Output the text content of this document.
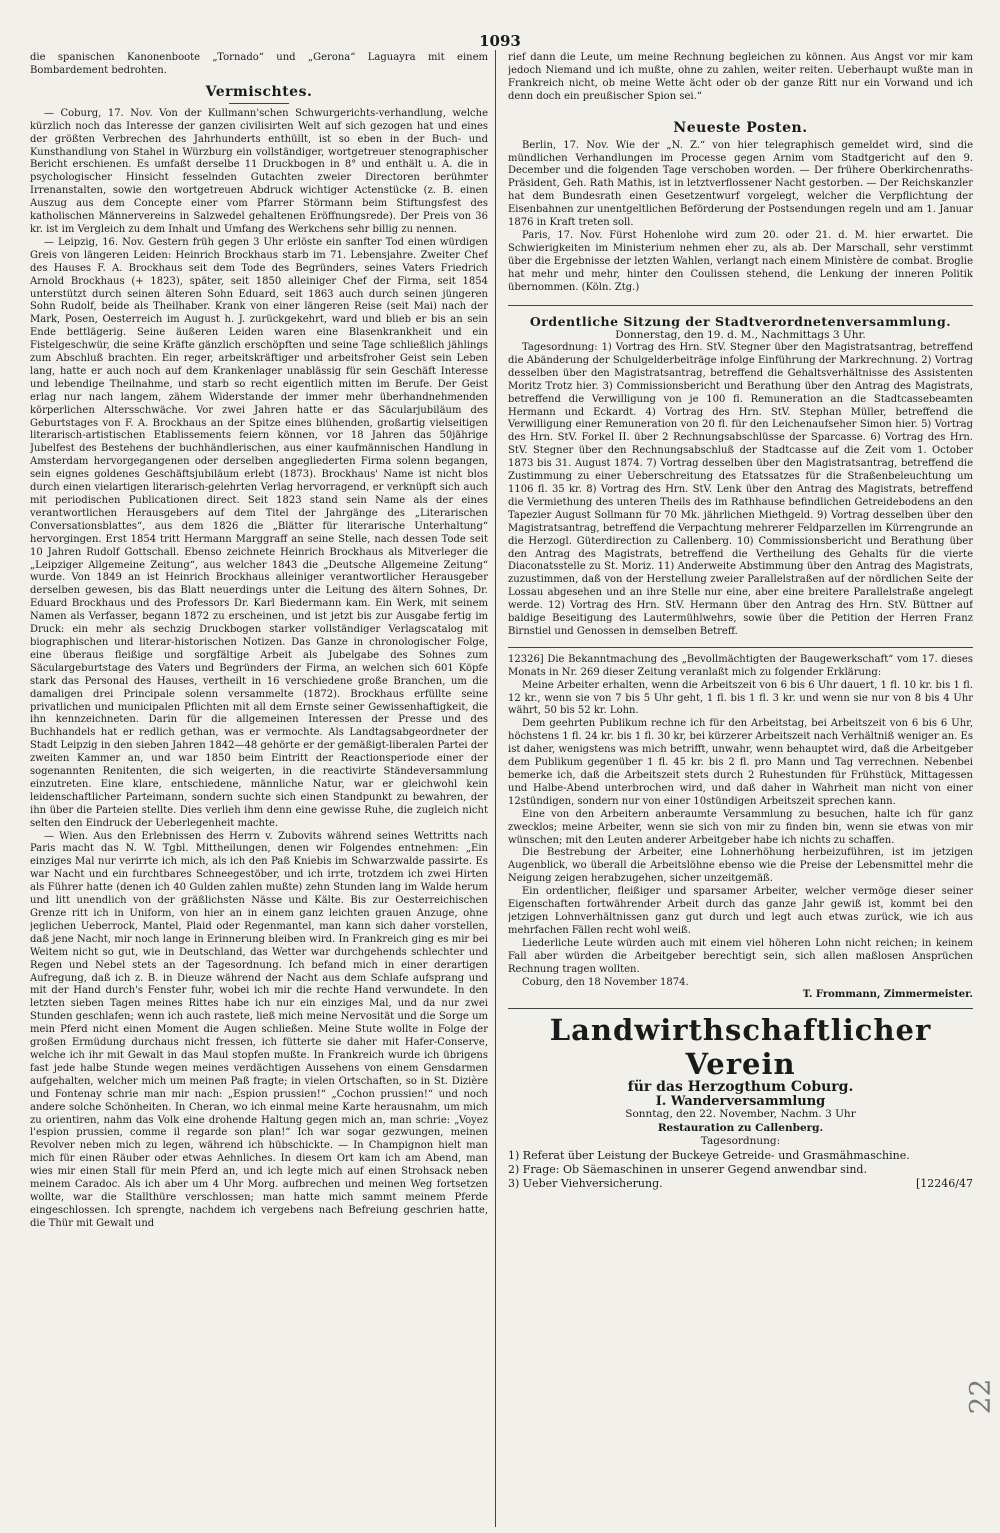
1093

die spanischen Kanonenboote „Tornado“ und „Gerona“ Laguayra mit einem Bombardement bedrohten.

Vermischtes.

— Coburg, 17. Nov. Von der Kullmann'schen Schwurgerichts-verhandlung, welche kürzlich noch das Interesse der ganzen civilisirten Welt auf sich gezogen hat und eines der größten Verbrechen des Jahrhunderts enthüllt, ist so eben in der Buch- und Kunsthandlung von Stahel in Würzburg ein vollständiger, wortgetreuer stenographischer Bericht erschienen. Es umfaßt derselbe 11 Druckbogen in 8° und enthält u. A. die in psychologischer Hinsicht fesselnden Gutachten zweier Directoren berühmter Irrenanstalten, sowie den wortgetreuen Abdruck wichtiger Actenstücke (z. B. einen Auszug aus dem Concepte einer vom Pfarrer Störmann beim Stiftungsfest des katholischen Männervereins in Salzwedel gehaltenen Eröffnungsrede). Der Preis von 36 kr. ist im Vergleich zu dem Inhalt und Umfang des Werkchens sehr billig zu nennen.

— Leipzig, 16. Nov. Gestern früh gegen 3 Uhr erlöste ein sanfter Tod einen würdigen Greis von längeren Leiden: Heinrich Brockhaus starb im 71. Lebensjahre. Zweiter Chef des Hauses F. A. Brockhaus seit dem Tode des Begründers, seines Vaters Friedrich Arnold Brockhaus (+ 1823), später, seit 1850 alleiniger Chef der Firma, seit 1854 unterstützt durch seinen älteren Sohn Eduard, seit 1863 auch durch seinen jüngeren Sohn Rudolf, beide als Theilhaber. Krank von einer längeren Reise (seit Mai) nach der Mark, Posen, Oesterreich im August h. J. zurückgekehrt, ward und blieb er bis an sein Ende bettlägerig. Seine äußeren Leiden waren eine Blasenkrankheit und ein Fistelgeschwür, die seine Kräfte gänzlich erschöpften und seine Tage schließlich jählings zum Abschluß brachten. Ein reger, arbeitskräftiger und arbeitsfroher Geist sein Leben lang, hatte er auch noch auf dem Krankenlager unablässig für sein Geschäft Interesse und lebendige Theilnahme, und starb so recht eigentlich mitten im Berufe. Der Geist erlag nur nach langem, zähem Widerstande der immer mehr überhandnehmenden körperlichen Altersschwäche. Vor zwei Jahren hatte er das Säcularjubiläum des Geburtstages von F. A. Brockhaus an der Spitze eines blühenden, großartig vielseitigen literarisch-artistischen Etablissements feiern können, vor 18 Jahren das 50jährige Jubelfest des Bestehens der buchhändlerischen, aus einer kaufmännischen Handlung in Amsterdam hervorgegangenen oder derselben angegliederten Firma solenn begangen, sein eignes goldenes Geschäftsjubiläum erlebt (1873). Brockhaus' Name ist nicht blos durch einen vielartigen literarisch-gelehrten Verlag hervorragend, er verknüpft sich auch mit periodischen Publicationen direct. Seit 1823 stand sein Name als der eines verantwortlichen Herausgebers auf dem Titel der Jahrgänge des „Literarischen Conversationsblattes“, aus dem 1826 die „Blätter für literarische Unterhaltung“ hervorgingen. Erst 1854 tritt Hermann Marggraff an seine Stelle, nach dessen Tode seit 10 Jahren Rudolf Gottschall. Ebenso zeichnete Heinrich Brockhaus als Mitverleger die „Leipziger Allgemeine Zeitung“, aus welcher 1843 die „Deutsche Allgemeine Zeitung“ wurde. Von 1849 an ist Heinrich Brockhaus alleiniger verantwortlicher Herausgeber derselben gewesen, bis das Blatt neuerdings unter die Leitung des ältern Sohnes, Dr. Eduard Brockhaus und des Professors Dr. Karl Biedermann kam. Ein Werk, mit seinem Namen als Verfasser, begann 1872 zu erscheinen, und ist jetzt bis zur Ausgabe fertig im Druck: ein mehr als sechzig Druckbogen starker vollständiger Verlagscatalog mit biographischen und literar-historischen Notizen. Das Ganze in chronologischer Folge, eine überaus fleißige und sorgfältige Arbeit als Jubelgabe des Sohnes zum Säculargeburtstage des Vaters und Begründers der Firma, an welchen sich 601 Köpfe stark das Personal des Hauses, vertheilt in 16 verschiedene große Branchen, um die damaligen drei Principale solenn versammelte (1872). Brockhaus erfüllte seine privatlichen und municipalen Pflichten mit all dem Ernste seiner Gewissenhaftigkeit, die ihn kennzeichneten. Darin für die allgemeinen Interessen der Presse und des Buchhandels hat er redlich gethan, was er vermochte. Als Landtagsabgeordneter der Stadt Leipzig in den sieben Jahren 1842—48 gehörte er der gemäßigt-liberalen Partei der zweiten Kammer an, und war 1850 beim Eintritt der Reactionsperiode einer der sogenannten Renitenten, die sich weigerten, in die reactivirte Ständeversammlung einzutreten. Eine klare, entschiedene, männliche Natur, war er gleichwohl kein leidenschaftlicher Parteimann, sondern suchte sich einen Standpunkt zu bewahren, der ihn über die Parteien stellte. Dies verlieh ihm denn eine gewisse Ruhe, die zugleich nicht selten den Eindruck der Ueberlegenheit machte.

— Wien. Aus den Erlebnissen des Herrn v. Zubovits während seines Wettritts nach Paris macht das N. W. Tgbl. Mittheilungen, denen wir Folgendes entnehmen: „Ein einziges Mal nur verirrte ich mich, als ich den Paß Kniebis im Schwarzwalde passirte. Es war Nacht und ein furchtbares Schneegestöber, und ich irrte, trotzdem ich zwei Hirten als Führer hatte (denen ich 40 Gulden zahlen mußte) zehn Stunden lang im Walde herum und litt unendlich von der gräßlichsten Nässe und Kälte. Bis zur Oesterreichischen Grenze ritt ich in Uniform, von hier an in einem ganz leichten grauen Anzuge, ohne jeglichen Ueberrock, Mantel, Plaid oder Regenmantel, man kann sich daher vorstellen, daß jene Nacht, mir noch lange in Erinnerung bleiben wird. In Frankreich ging es mir bei Weitem nicht so gut, wie in Deutschland, das Wetter war durchgehends schlechter und Regen und Nebel stets an der Tagesordnung. Ich befand mich in einer derartigen Aufregung, daß ich z. B. in Dieuze während der Nacht aus dem Schlafe aufsprang und mit der Hand durch's Fenster fuhr, wobei ich mir die rechte Hand verwundete. In den letzten sieben Tagen meines Rittes habe ich nur ein einziges Mal, und da nur zwei Stunden geschlafen; wenn ich auch rastete, ließ mich meine Nervosität und die Sorge um mein Pferd nicht einen Moment die Augen schließen. Meine Stute wollte in Folge der großen Ermüdung durchaus nicht fressen, ich fütterte sie daher mit Hafer-Conserve, welche ich ihr mit Gewalt in das Maul stopfen mußte. In Frankreich wurde ich übrigens fast jede halbe Stunde wegen meines verdächtigen Aussehens von einem Gensdarmen aufgehalten, welcher mich um meinen Paß fragte; in vielen Ortschaften, so in St. Dizière und Fontenay schrie man mir nach: „Espion prussien!“ „Cochon prussien!“ und noch andere solche Schönheiten. In Cheran, wo ich einmal meine Karte herausnahm, um mich zu orientiren, nahm das Volk eine drohende Haltung gegen mich an, man schrie: „Voyez l'espion prussien, comme il regarde son plan!“ Ich war sogar gezwungen, meinen Revolver neben mich zu legen, während ich hübschickte. — In Champignon hielt man mich für einen Räuber oder etwas Aehnliches. In diesem Ort kam ich am Abend, man wies mir einen Stall für mein Pferd an, und ich legte mich auf einen Strohsack neben meinem Caradoc. Als ich aber um 4 Uhr Morg. aufbrechen und meinen Weg fortsetzen wollte, war die Stallthüre verschlossen; man hatte mich sammt meinem Pferde eingeschlossen. Ich sprengte, nachdem ich vergebens nach Befreiung geschrien hatte, die Thür mit Gewalt und

rief dann die Leute, um meine Rechnung begleichen zu können. Aus Angst vor mir kam jedoch Niemand und ich mußte, ohne zu zahlen, weiter reiten. Ueberhaupt wußte man in Frankreich nicht, ob meine Wette ächt oder ob der ganze Ritt nur ein Vorwand und ich denn doch ein preußischer Spion sei.“

Neueste Posten.

Berlin, 17. Nov. Wie der „N. Z.“ von hier telegraphisch gemeldet wird, sind die mündlichen Verhandlungen im Processe gegen Arnim vom Stadtgericht auf den 9. December und die folgenden Tage verschoben worden. — Der frühere Oberkirchenraths-Präsident, Geh. Rath Mathis, ist in letztverflossener Nacht gestorben. — Der Reichskanzler hat dem Bundesrath einen Gesetzentwurf vorgelegt, welcher die Verpflichtung der Eisenbahnen zur unentgeltlichen Beförderung der Postsendungen regeln und am 1. Januar 1876 in Kraft treten soll.

Paris, 17. Nov. Fürst Hohenlohe wird zum 20. oder 21. d. M. hier erwartet. Die Schwierigkeiten im Ministerium nehmen eher zu, als ab. Der Marschall, sehr verstimmt über die Ergebnisse der letzten Wahlen, verlangt nach einem Ministère de combat. Broglie hat mehr und mehr, hinter den Coulissen stehend, die Lenkung der inneren Politik übernommen. (Köln. Ztg.)

Ordentliche Sitzung der Stadtverordnetenversammlung.

Donnerstag, den 19. d. M., Nachmittags 3 Uhr.

Tagesordnung: 1) Vortrag des Hrn. StV. Stegner über den Magistratsantrag, betreffend die Abänderung der Schulgelderbeiträge infolge Einführung der Markrechnung. 2) Vortrag desselben über den Magistratsantrag, betreffend die Gehaltsverhältnisse des Assistenten Moritz Trotz hier. 3) Commissionsbericht und Berathung über den Antrag des Magistrats, betreffend die Verwilligung von je 100 fl. Remuneration an die Stadtcassebeamten Hermann und Eckardt. 4) Vortrag des Hrn. StV. Stephan Müller, betreffend die Verwilligung einer Remuneration von 20 fl. für den Leichenaufseher Simon hier. 5) Vortrag des Hrn. StV. Forkel II. über 2 Rechnungsabschlüsse der Sparcasse. 6) Vortrag des Hrn. StV. Stegner über den Rechnungsabschluß der Stadtcasse auf die Zeit vom 1. October 1873 bis 31. August 1874. 7) Vortrag desselben über den Magistratsantrag, betreffend die Zustimmung zu einer Ueberschreitung des Etatssatzes für die Straßenbeleuchtung um 1106 fl. 35 kr. 8) Vortrag des Hrn. StV. Lenk über den Antrag des Magistrats, betreffend die Vermiethung des unteren Theils des im Rathhause befindlichen Getreidebodens an den Tapezier August Sollmann für 70 Mk. jährlichen Miethgeld. 9) Vortrag desselben über den Magistratsantrag, betreffend die Verpachtung mehrerer Feldparzellen im Kürrengrunde an die Herzogl. Güterdirection zu Callenberg. 10) Commissionsbericht und Berathung über den Antrag des Magistrats, betreffend die Vertheilung des Gehalts für die vierte Diaconatsstelle zu St. Moriz. 11) Anderweite Abstimmung über den Antrag des Magistrats, zuzustimmen, daß von der Herstellung zweier Parallelstraßen auf der nördlichen Seite der Lossau abgesehen und an ihre Stelle nur eine, aber eine breitere Parallelstraße angelegt werde. 12) Vortrag des Hrn. StV. Hermann über den Antrag des Hrn. StV. Büttner auf baldige Beseitigung des Lautermühlwehrs, sowie über die Petition der Herren Franz Birnstiel und Genossen in demselben Betreff.

12326] Die Bekanntmachung des „Bevollmächtigten der Baugewerkschaft“ vom 17. dieses Monats in Nr. 269 dieser Zeitung veranlaßt mich zu folgender Erklärung:

Meine Arbeiter erhalten, wenn die Arbeitszeit von 6 bis 6 Uhr dauert, 1 fl. 10 kr. bis 1 fl. 12 kr., wenn sie von 7 bis 5 Uhr geht, 1 fl. bis 1 fl. 3 kr. und wenn sie nur von 8 bis 4 Uhr währt, 50 bis 52 kr. Lohn.

Dem geehrten Publikum rechne ich für den Arbeitstag, bei Arbeitszeit von 6 bis 6 Uhr, höchstens 1 fl. 24 kr. bis 1 fl. 30 kr, bei kürzerer Arbeitszeit nach Verhältniß weniger an. Es ist daher, wenigstens was mich betrifft, unwahr, wenn behauptet wird, daß die Arbeitgeber dem Publikum gegenüber 1 fl. 45 kr. bis 2 fl. pro Mann und Tag verrechnen. Nebenbei bemerke ich, daß die Arbeitszeit stets durch 2 Ruhestunden für Frühstück, Mittagessen und Halbe-Abend unterbrochen wird, und daß daher in Wahrheit man nicht von einer 12stündigen, sondern nur von einer 10stündigen Arbeitszeit sprechen kann.

Eine von den Arbeitern anberaumte Versammlung zu besuchen, halte ich für ganz zwecklos; meine Arbeiter, wenn sie sich von mir zu finden bin, wenn sie etwas von mir wünschen; mit den Leuten anderer Arbeitgeber habe ich nichts zu schaffen.

Die Bestrebung der Arbeiter, eine Lohnerhöhung herbeizuführen, ist im jetzigen Augenblick, wo überall die Arbeitslöhne ebenso wie die Preise der Lebensmittel mehr die Neigung zeigen herabzugehen, sicher unzeitgemäß.

Ein ordentlicher, fleißiger und sparsamer Arbeiter, welcher vermöge dieser seiner Eigenschaften fortwährender Arbeit durch das ganze Jahr gewiß ist, kommt bei den jetzigen Lohnverhältnissen ganz gut durch und legt auch etwas zurück, wie ich aus mehrfachen Fällen recht wohl weiß.

Liederliche Leute würden auch mit einem viel höheren Lohn nicht reichen; in keinem Fall aber würden die Arbeitgeber berechtigt sein, sich allen maßlosen Ansprüchen Rechnung tragen wollten.

Coburg, den 18 November 1874.

T. Frommann, Zimmermeister.

Landwirthschaftlicher Verein

für das Herzogthum Coburg.

I. Wanderversammlung

Sonntag, den 22. November, Nachm. 3 Uhr

Restauration zu Callenberg.

Tagesordnung:

1) Referat über Leistung der Buckeye Getreide- und Grasmähmaschine.

2) Frage: Ob Säemaschinen in unserer Gegend anwendbar sind.

3) Ueber Viehversicherung.	[12246/47
22
